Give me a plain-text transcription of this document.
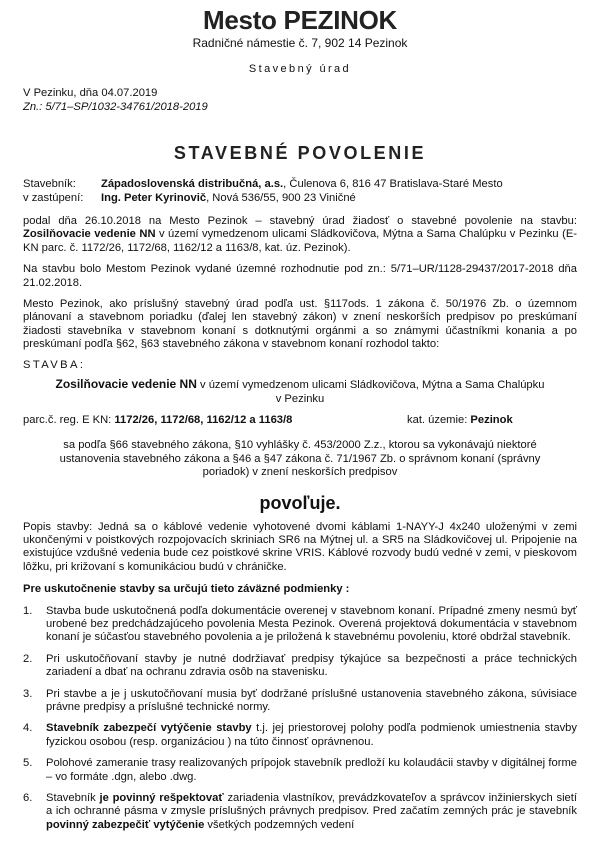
Mesto PEZINOK
Radničné námestie č. 7, 902 14 Pezinok
Stavebný úrad
V Pezinku, dňa 04.07.2019
Zn.: 5/71–SP/1032-34761/2018-2019
STAVEBNÉ POVOLENIE
Stavebník:	Západoslovenská distribučná, a.s., Čulenova 6, 816 47 Bratislava-Staré Mesto
v zastúpení:	Ing. Peter Kyrinovič, Nová 536/55, 900 23 Viničné

podal dňa 26.10.2018 na Mesto Pezinok – stavebný úrad žiadosť o stavebné povolenie na stavbu: Zosilňovacie vedenie NN v území vymedzenom ulicami Sládkovičova, Mýtna a Sama Chalúpku v Pezinku (E-KN parc. č. 1172/26, 1172/68, 1162/12 a 1163/8, kat. úz. Pezinok).

Na stavbu bolo Mestom Pezinok vydané územné rozhodnutie pod zn.: 5/71–UR/1128-29437/2017-2018 dňa 21.02.2018.

Mesto Pezinok, ako príslušný stavebný úrad podľa ust. §117ods. 1 zákona č. 50/1976 Zb. o územnom plánovaní a stavebnom poriadku (ďalej len stavebný zákon) v znení neskorších predpisov po preskúmaní žiadosti stavebníka v stavebnom konaní s dotknutými orgánmi a so známymi účastníkmi konania a po preskúmaní podľa §62, §63 stavebného zákona v stavebnom konaní rozhodol takto:

STAVBA:
Zosilňovacie vedenie NN v území vymedzenom ulicami Sládkovičova, Mýtna a Sama Chalúpku v Pezinku
parc.č. reg. E KN: 1172/26, 1172/68, 1162/12 a 1163/8	kat. územie: Pezinok
sa podľa §66 stavebného zákona, §10 vyhlášky č. 453/2000 Z.z., ktorou sa vykonávajú niektoré ustanovenia stavebného zákona a §46 a §47 zákona č. 71/1967 Zb. o správnom konaní (správny poriadok) v znení neskorších predpisov
povoľuje.

Popis stavby: Jedná sa o káblové vedenie vyhotovené dvomi káblami 1-NAYY-J 4x240 uloženými v zemi ukončenými v poistkových rozpojovacích skriniach SR6 na Mýtnej ul. a SR5 na Sládkovičovej ul. Pripojenie na existujúce vzdušné vedenia bude cez poistkové skrine VRIS. Káblové rozvody budú vedné v zemi, v pieskovom lôžku, pri križovaní s komunikáciou budú v chráničke.

Pre uskutočnenie stavby sa určujú tieto záväzné podmienky :
1.	Stavba bude uskutočnená podľa dokumentácie overenej v stavebnom konaní. Prípadné zmeny nesmú byť urobené bez predchádzajúceho povolenia Mesta Pezinok. Overená projektová dokumentácia v stavebnom konaní je súčasťou stavebného povolenia a je priložená k stavebnému povoleniu, ktoré obdržal stavebník.
2.	Pri uskutočňovaní stavby je nutné dodržiavať predpisy týkajúce sa bezpečnosti a práce technických zariadení a dbať na ochranu zdravia osôb na stavenisku.
3.	Pri stavbe a je j uskutočňovaní musia byť dodržané príslušné ustanovenia stavebného zákona, súvisiace právne predpisy a príslušné technické normy.
4.	Stavebník zabezpečí vytýčenie stavby t.j. jej priestorovej polohy podľa podmienok umiestnenia stavby fyzickou osobou (resp. organizáciou ) na túto činnosť oprávnenou.
5.	Polohové zameranie trasy realizovaných prípojok stavebník predloží ku kolaudácii stavby v digitálnej forme – vo formáte .dgn, alebo .dwg.
6.	Stavebník je povinný rešpektovať zariadenia vlastníkov, prevádzkovateľov a správcov inžinierskych sietí a ich ochranné pásma v zmysle príslušných právnych predpisov. Pred začatím zemných prác je stavebník povinný zabezpečiť vytýčenie všetkých podzemných vedení
